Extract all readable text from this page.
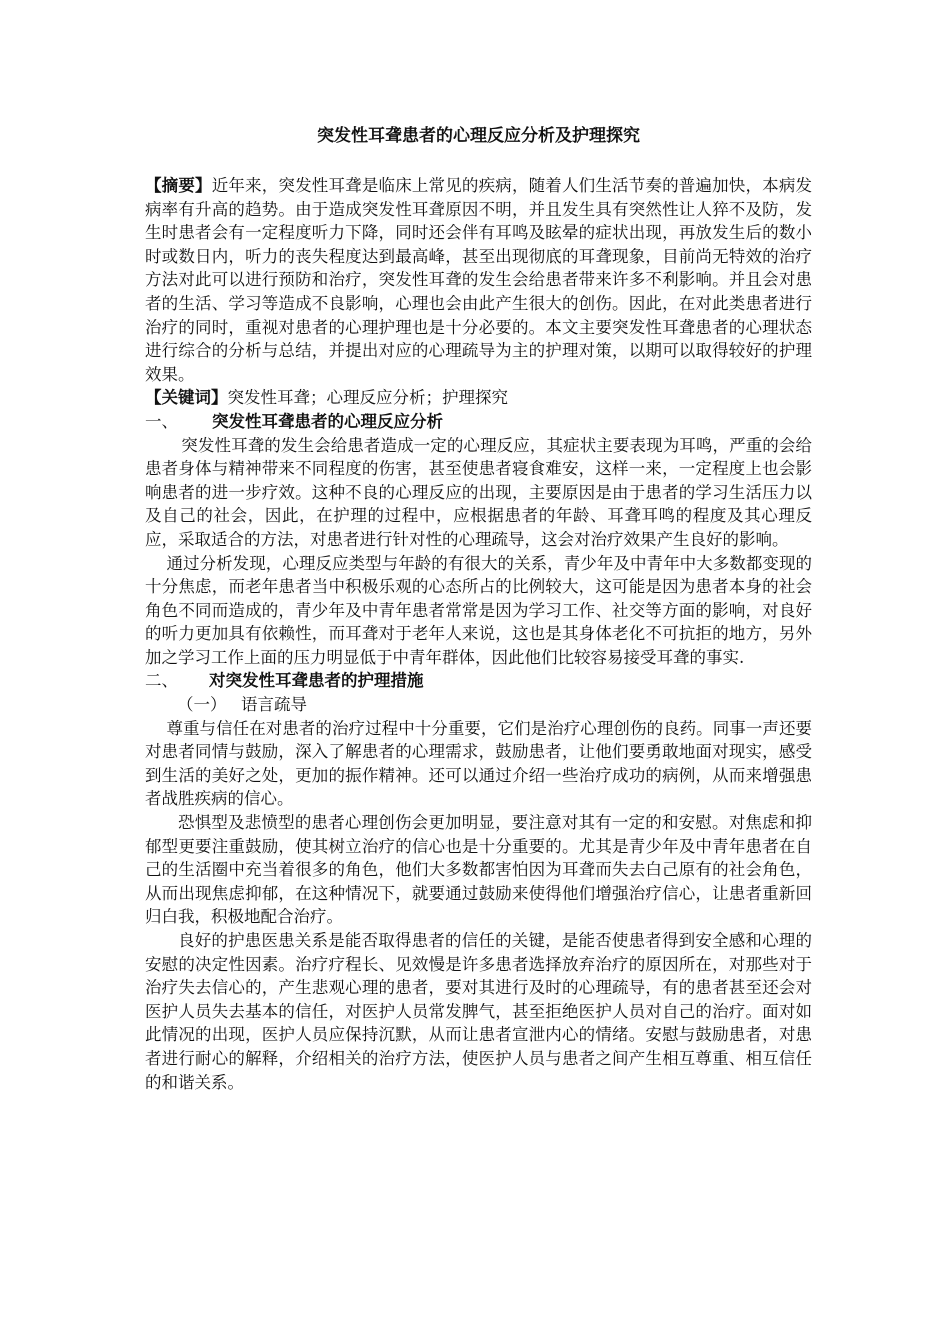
突发性耳聋患者的心理反应分析及护理探究

【摘要】近年来，突发性耳聋是临床上常见的疾病，随着人们生活节奏的普遍加快，本病发病率有升高的趋势。由于造成突发性耳聋原因不明，并且发生具有突然性让人猝不及防，发生时患者会有一定程度听力下降，同时还会伴有耳鸣及眩晕的症状出现，再放发生后的数小时或数日内，听力的丧失程度达到最高峰，甚至出现彻底的耳聋现象，目前尚无特效的治疗方法对此可以进行预防和治疗，突发性耳聋的发生会给患者带来许多不利影响。并且会对患者的生活、学习等造成不良影响，心理也会由此产生很大的创伤。因此，在对此类患者进行治疗的同时，重视对患者的心理护理也是十分必要的。本文主要突发性耳聋患者的心理状态进行综合的分析与总结，并提出对应的心理疏导为主的护理对策，以期可以取得较好的护理效果。

【关键词】突发性耳聋；心理反应分析；护理探究

一、	突发性耳聋患者的心理反应分析

突发性耳聋的发生会给患者造成一定的心理反应，其症状主要表现为耳鸣，严重的会给患者身体与精神带来不同程度的伤害，甚至使患者寝食难安，这样一来，一定程度上也会影响患者的进一步疗效。这种不良的心理反应的出现，主要原因是由于患者的学习生活压力以及自己的社会，因此，在护理的过程中，应根据患者的年龄、耳聋耳鸣的程度及其心理反应，采取适合的方法，对患者进行针对性的心理疏导，这会对治疗效果产生良好的影响。

通过分析发现，心理反应类型与年龄的有很大的关系，青少年及中青年中大多数都变现的十分焦虑，而老年患者当中积极乐观的心态所占的比例较大，这可能是因为患者本身的社会角色不同而造成的，青少年及中青年患者常常是因为学习工作、社交等方面的影响，对良好的听力更加具有依赖性，而耳聋对于老年人来说，这也是其身体老化不可抗拒的地方，另外加之学习工作上面的压力明显低于中青年群体，因此他们比较容易接受耳聋的事实.

二、	对突发性耳聋患者的护理措施
（一） 语言疏导

尊重与信任在对患者的治疗过程中十分重要，它们是治疗心理创伤的良药。同事一声还要对患者同情与鼓励，深入了解患者的心理需求，鼓励患者，让他们要勇敢地面对现实，感受到生活的美好之处，更加的振作精神。还可以通过介绍一些治疗成功的病例，从而来增强患者战胜疾病的信心。

恐惧型及悲愤型的患者心理创伤会更加明显，要注意对其有一定的和安慰。对焦虑和抑郁型更要注重鼓励，使其树立治疗的信心也是十分重要的。尤其是青少年及中青年患者在自己的生活圈中充当着很多的角色，他们大多数都害怕因为耳聋而失去白己原有的社会角色，从而出现焦虑抑郁，在这种情况下，就要通过鼓励来使得他们增强治疗信心，让患者重新回归白我，积极地配合治疗。

良好的护患医患关系是能否取得患者的信任的关键，是能否使患者得到安全感和心理的安慰的决定性因素。治疗疗程长、见效慢是许多患者选择放弃治疗的原因所在，对那些对于治疗失去信心的，产生悲观心理的患者，要对其进行及时的心理疏导，有的患者甚至还会对医护人员失去基本的信任，对医护人员常发脾气，甚至拒绝医护人员对自己的治疗。面对如此情况的出现，医护人员应保持沉默，从而让患者宣泄内心的情绪。安慰与鼓励患者，对患者进行耐心的解释，介绍相关的治疗方法，使医护人员与患者之间产生相互尊重、相互信任的和谐关系。
